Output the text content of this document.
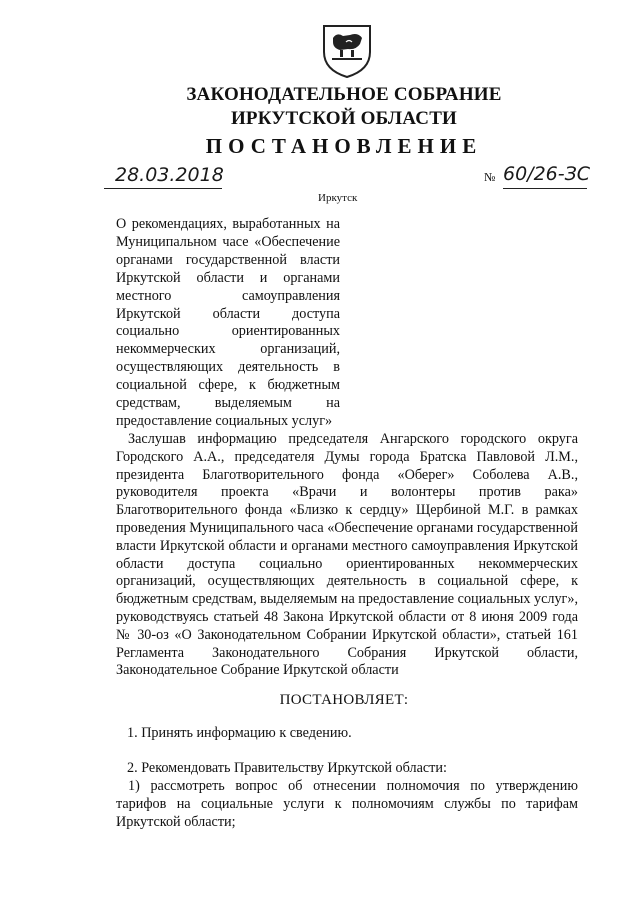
ЗАКОНОДАТЕЛЬНОЕ СОБРАНИЕ
ИРКУТСКОЙ ОБЛАСТИ
ПОСТАНОВЛЕНИЕ
28.03.2018	№ 60/26-ЗС
Иркутск

О рекомендациях, выработанных на Муниципальном часе «Обеспечение органами государственной власти Иркутской области и органами местного самоуправления Иркутской области доступа социально ориентированных некоммерческих организаций, осуществляющих деятельность в социальной сфере, к бюджетным средствам, выделяемым на предоставление социальных услуг»

Заслушав информацию председателя Ангарского городского округа Городского А.А., председателя Думы города Братска Павловой Л.М., президента Благотворительного фонда «Оберег» Соболева А.В., руководителя проекта «Врачи и волонтеры против рака» Благотворительного фонда «Близко к сердцу» Щербиной М.Г. в рамках проведения Муниципального часа «Обеспечение органами государственной власти Иркутской области и органами местного самоуправления Иркутской области доступа социально ориентированных некоммерческих организаций, осуществляющих деятельность в социальной сфере, к бюджетным средствам, выделяемым на предоставление социальных услуг», руководствуясь статьей 48 Закона Иркутской области от 8 июня 2009 года № 30-оз «О Законодательном Собрании Иркутской области», статьей 161 Регламента Законодательного Собрания Иркутской области, Законодательное Собрание Иркутской области

ПОСТАНОВЛЯЕТ:
1. Принять информацию к сведению.
2. Рекомендовать Правительству Иркутской области:

1) рассмотреть вопрос об отнесении полномочия по утверждению тарифов на социальные услуги к полномочиям службы по тарифам Иркутской области;
